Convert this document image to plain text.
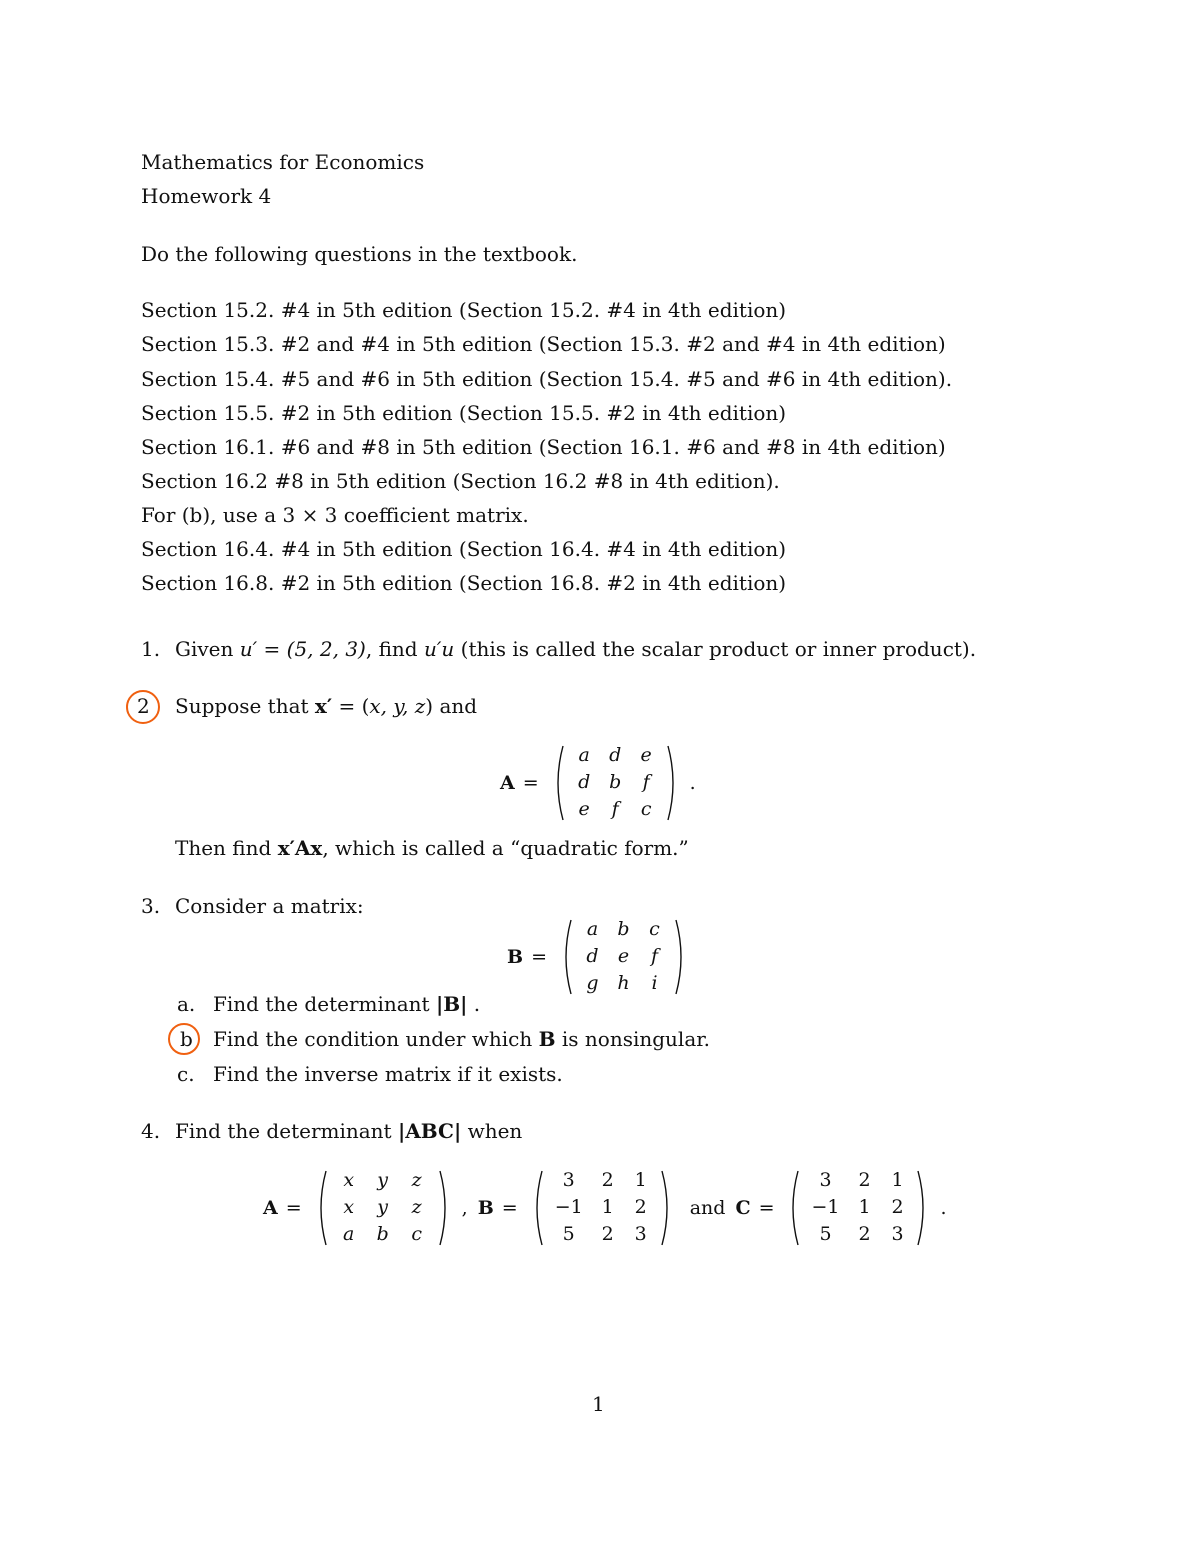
Mathematics for Economics
Homework 4
Do the following questions in the textbook.
Section 15.2. #4 in 5th edition (Section 15.2. #4 in 4th edition)
Section 15.3. #2 and #4 in 5th edition (Section 15.3. #2 and #4 in 4th edition)
Section 15.4. #5 and #6 in 5th edition (Section 15.4. #5 and #6 in 4th edition).
Section 15.5. #2 in 5th edition (Section 15.5. #2 in 4th edition)
Section 16.1. #6 and #8 in 5th edition (Section 16.1. #6 and #8 in 4th edition)
Section 16.2 #8 in 5th edition (Section 16.2 #8 in 4th edition).
For (b), use a 3 × 3 coefficient matrix.
Section 16.4. #4 in 5th edition (Section 16.4. #4 in 4th edition)
Section 16.8. #2 in 5th edition (Section 16.8. #2 in 4th edition)
1. Given u′ = (5, 2, 3), find u′u (this is called the scalar product or inner product).
2 Suppose that x′ = (x, y, z) and
A =
a	d	e
d b	f
e	f	c
.
Then find x′Ax, which is called a “quadratic form.”
3. Consider a matrix:
B =
a	b	c
d	e	f
g h	i
a. Find the determinant |B| .
b Find the condition under which B is nonsingular.
c. Find the inverse matrix if it exists.
4. Find the determinant |ABC| when
A =
x	y	z
x	y	z
a	b	c
, B =
3	2	1
−1 1	2
5	2	3
and C =
3	2	1
−1 1	2
5	2	3
.
1
